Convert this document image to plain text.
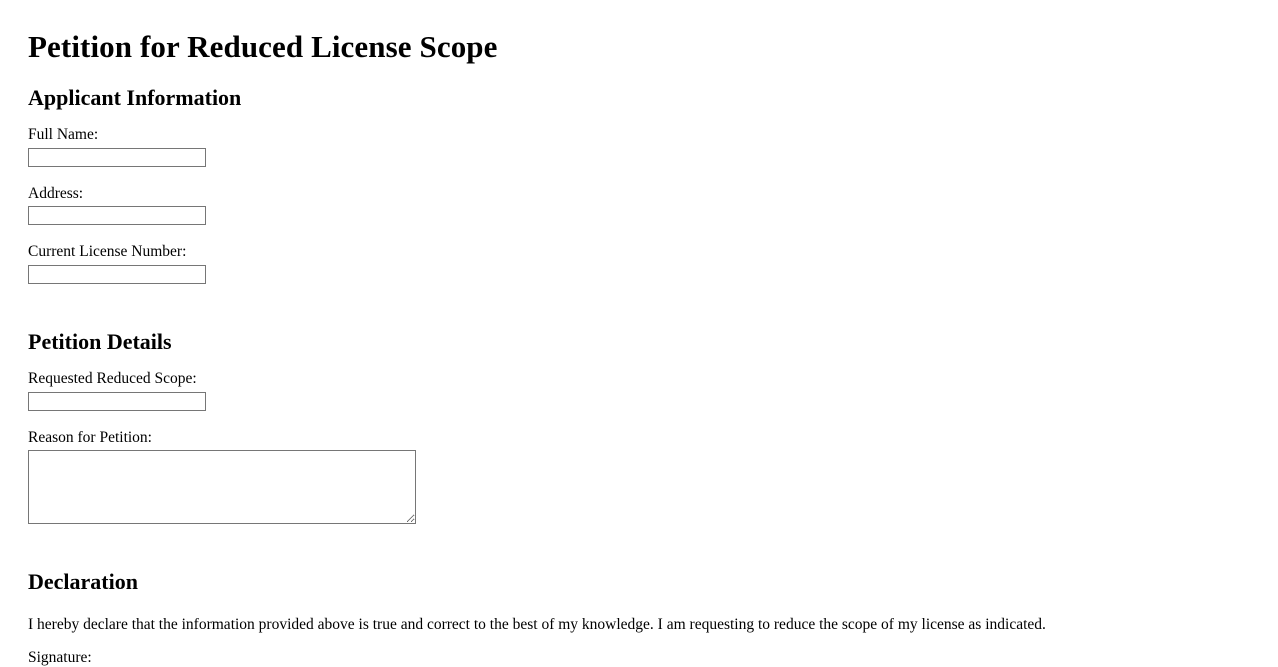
Petition for Reduced License Scope
Applicant Information
Full Name:
Address:
Current License Number:
Petition Details
Requested Reduced Scope:
Reason for Petition:
Declaration

I hereby declare that the information provided above is true and correct to the best of my knowledge. I am requesting to reduce the scope of my license as indicated.

Signature:
